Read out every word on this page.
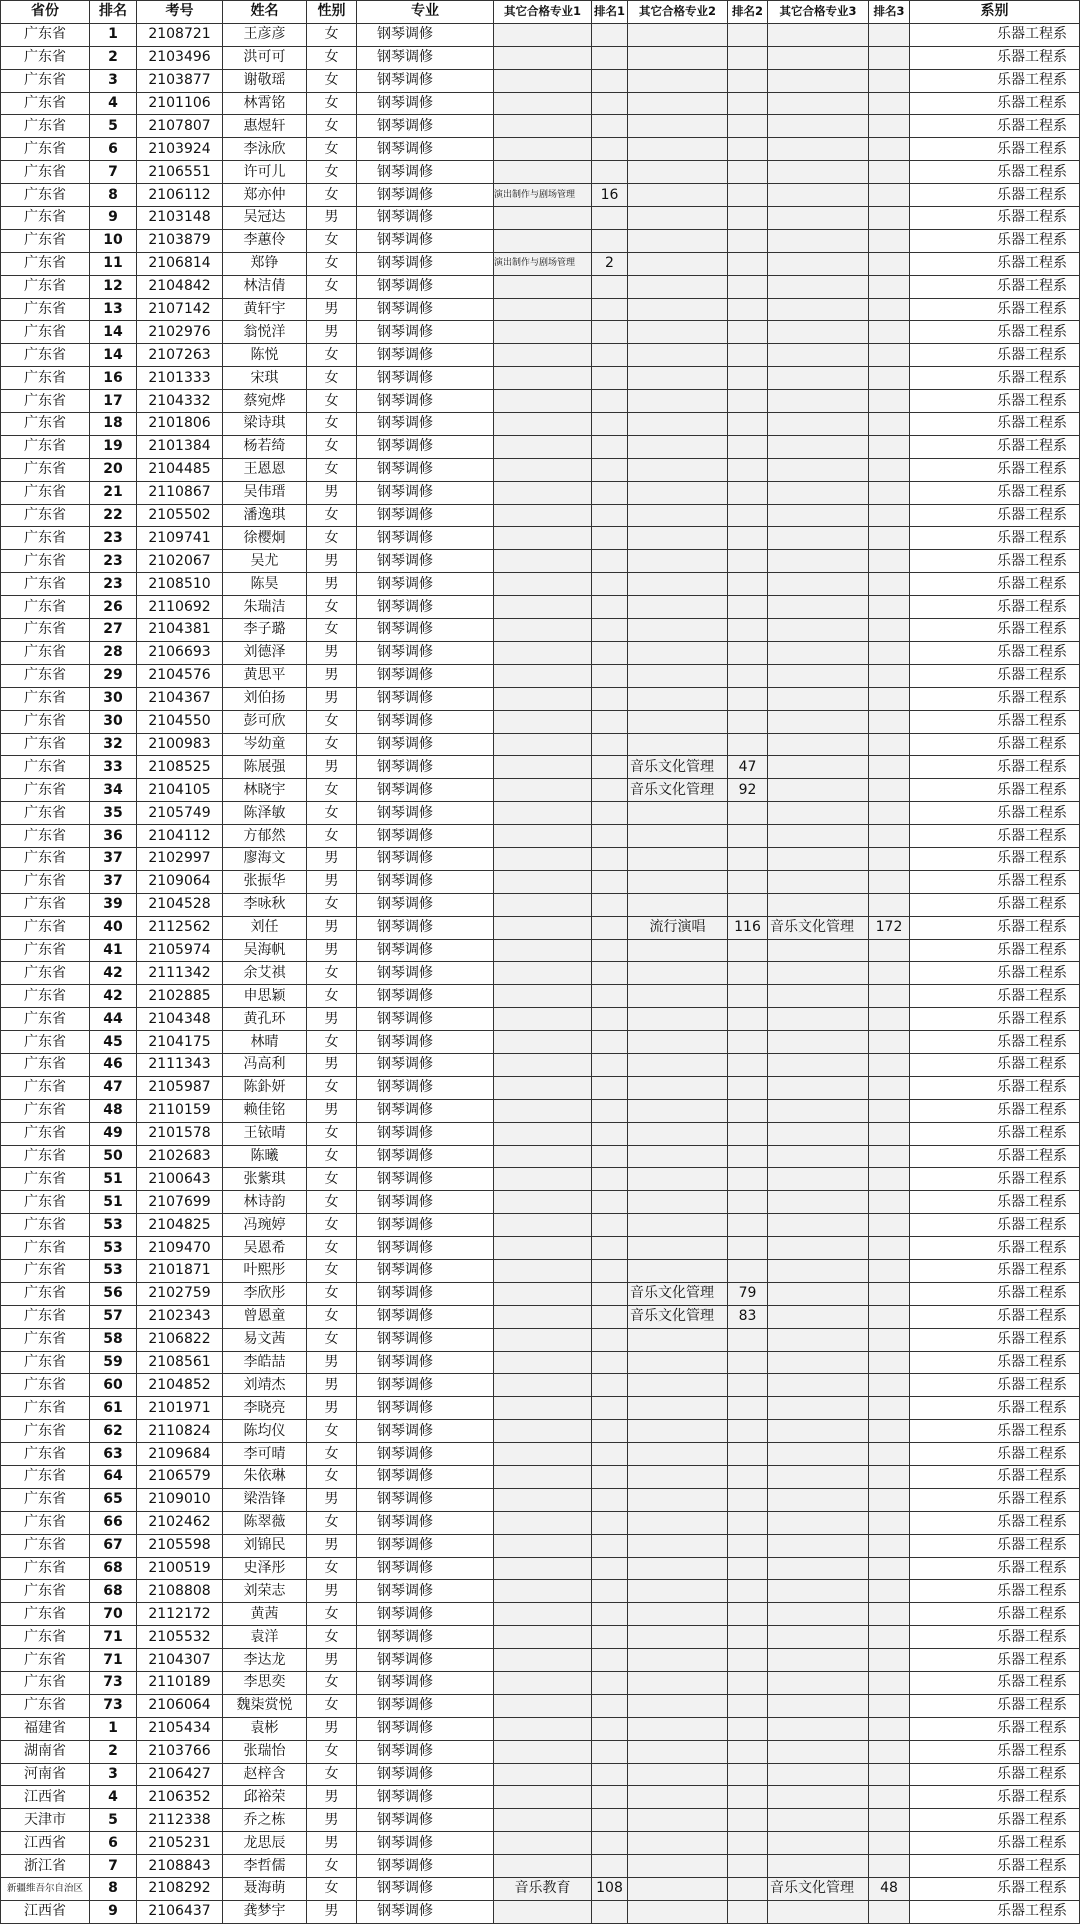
省份	排名	考号	姓名	性别	专业	其它合格专业1	排名1	其它合格专业2	排名2	其它合格专业3	排名3	系别
广东省	1	2108721	王彦彦	女	钢琴调修							乐器工程系
广东省	2	2103496	洪可可	女	钢琴调修							乐器工程系
广东省	3	2103877	谢敬瑶	女	钢琴调修							乐器工程系
广东省	4	2101106	林霄铭	女	钢琴调修							乐器工程系
广东省	5	2107807	惠煜轩	女	钢琴调修							乐器工程系
广东省	6	2103924	李泳欣	女	钢琴调修							乐器工程系
广东省	7	2106551	许可儿	女	钢琴调修							乐器工程系
广东省	8	2106112	郑亦仲	女	钢琴调修	演出制作与剧场管理	16					乐器工程系
广东省	9	2103148	吴冠达	男	钢琴调修							乐器工程系
广东省	10	2103879	李蕙伶	女	钢琴调修							乐器工程系
广东省	11	2106814	郑铮	女	钢琴调修	演出制作与剧场管理	2					乐器工程系
广东省	12	2104842	林洁倩	女	钢琴调修							乐器工程系
广东省	13	2107142	黄轩宇	男	钢琴调修							乐器工程系
广东省	14	2102976	翁悦洋	男	钢琴调修							乐器工程系
广东省	14	2107263	陈悦	女	钢琴调修							乐器工程系
广东省	16	2101333	宋琪	女	钢琴调修							乐器工程系
广东省	17	2104332	蔡宛烨	女	钢琴调修							乐器工程系
广东省	18	2101806	梁诗琪	女	钢琴调修							乐器工程系
广东省	19	2101384	杨若绮	女	钢琴调修							乐器工程系
广东省	20	2104485	王恩恩	女	钢琴调修							乐器工程系
广东省	21	2110867	吴伟瑨	男	钢琴调修							乐器工程系
广东省	22	2105502	潘逸琪	女	钢琴调修							乐器工程系
广东省	23	2109741	徐樱炯	女	钢琴调修							乐器工程系
广东省	23	2102067	吴尤	男	钢琴调修							乐器工程系
广东省	23	2108510	陈昊	男	钢琴调修							乐器工程系
广东省	26	2110692	朱瑞洁	女	钢琴调修							乐器工程系
广东省	27	2104381	李子璐	女	钢琴调修							乐器工程系
广东省	28	2106693	刘德泽	男	钢琴调修							乐器工程系
广东省	29	2104576	黄思平	男	钢琴调修							乐器工程系
广东省	30	2104367	刘伯扬	男	钢琴调修							乐器工程系
广东省	30	2104550	彭可欣	女	钢琴调修							乐器工程系
广东省	32	2100983	岑幼童	女	钢琴调修							乐器工程系
广东省	33	2108525	陈展强	男	钢琴调修			音乐文化管理	47			乐器工程系
广东省	34	2104105	林晓宇	女	钢琴调修			音乐文化管理	92			乐器工程系
广东省	35	2105749	陈泽敏	女	钢琴调修							乐器工程系
广东省	36	2104112	方郁然	女	钢琴调修							乐器工程系
广东省	37	2102997	廖海文	男	钢琴调修							乐器工程系
广东省	37	2109064	张振华	男	钢琴调修							乐器工程系
广东省	39	2104528	李咏秋	女	钢琴调修							乐器工程系
广东省	40	2112562	刘任	男	钢琴调修			流行演唱	116	音乐文化管理	172	乐器工程系
广东省	41	2105974	吴海帆	男	钢琴调修							乐器工程系
广东省	42	2111342	余艾祺	女	钢琴调修							乐器工程系
广东省	42	2102885	申思颖	女	钢琴调修							乐器工程系
广东省	44	2104348	黄孔环	男	钢琴调修							乐器工程系
广东省	45	2104175	林晴	女	钢琴调修							乐器工程系
广东省	46	2111343	冯高利	男	钢琴调修							乐器工程系
广东省	47	2105987	陈釙妍	女	钢琴调修							乐器工程系
广东省	48	2110159	赖佳铭	男	钢琴调修							乐器工程系
广东省	49	2101578	王铱晴	女	钢琴调修							乐器工程系
广东省	50	2102683	陈曦	女	钢琴调修							乐器工程系
广东省	51	2100643	张紫琪	女	钢琴调修							乐器工程系
广东省	51	2107699	林诗韵	女	钢琴调修							乐器工程系
广东省	53	2104825	冯琬婷	女	钢琴调修							乐器工程系
广东省	53	2109470	吴恩希	女	钢琴调修							乐器工程系
广东省	53	2101871	叶熙彤	女	钢琴调修							乐器工程系
广东省	56	2102759	李欣彤	女	钢琴调修			音乐文化管理	79			乐器工程系
广东省	57	2102343	曾恩童	女	钢琴调修			音乐文化管理	83			乐器工程系
广东省	58	2106822	易文茜	女	钢琴调修							乐器工程系
广东省	59	2108561	李皓喆	男	钢琴调修							乐器工程系
广东省	60	2104852	刘靖杰	男	钢琴调修							乐器工程系
广东省	61	2101971	李晓亮	男	钢琴调修							乐器工程系
广东省	62	2110824	陈均仪	女	钢琴调修							乐器工程系
广东省	63	2109684	李可晴	女	钢琴调修							乐器工程系
广东省	64	2106579	朱依琳	女	钢琴调修							乐器工程系
广东省	65	2109010	梁浩锋	男	钢琴调修							乐器工程系
广东省	66	2102462	陈翠薇	女	钢琴调修							乐器工程系
广东省	67	2105598	刘锦民	男	钢琴调修							乐器工程系
广东省	68	2100519	史泽彤	女	钢琴调修							乐器工程系
广东省	68	2108808	刘荣志	男	钢琴调修							乐器工程系
广东省	70	2112172	黄茜	女	钢琴调修							乐器工程系
广东省	71	2105532	袁洋	女	钢琴调修							乐器工程系
广东省	71	2104307	李达龙	男	钢琴调修							乐器工程系
广东省	73	2110189	李思奕	女	钢琴调修							乐器工程系
广东省	73	2106064	魏柒赏悦	女	钢琴调修							乐器工程系
福建省	1	2105434	袁彬	男	钢琴调修							乐器工程系
湖南省	2	2103766	张瑞怡	女	钢琴调修							乐器工程系
河南省	3	2106427	赵梓含	女	钢琴调修							乐器工程系
江西省	4	2106352	邱裕荣	男	钢琴调修							乐器工程系
天津市	5	2112338	乔之栋	男	钢琴调修							乐器工程系
江西省	6	2105231	龙思辰	男	钢琴调修							乐器工程系
浙江省	7	2108843	李哲儒	女	钢琴调修							乐器工程系
新疆维吾尔自治区	8	2108292	聂海萌	女	钢琴调修	音乐教育	108			音乐文化管理	48	乐器工程系
江西省	9	2106437	龚梦宇	男	钢琴调修							乐器工程系
